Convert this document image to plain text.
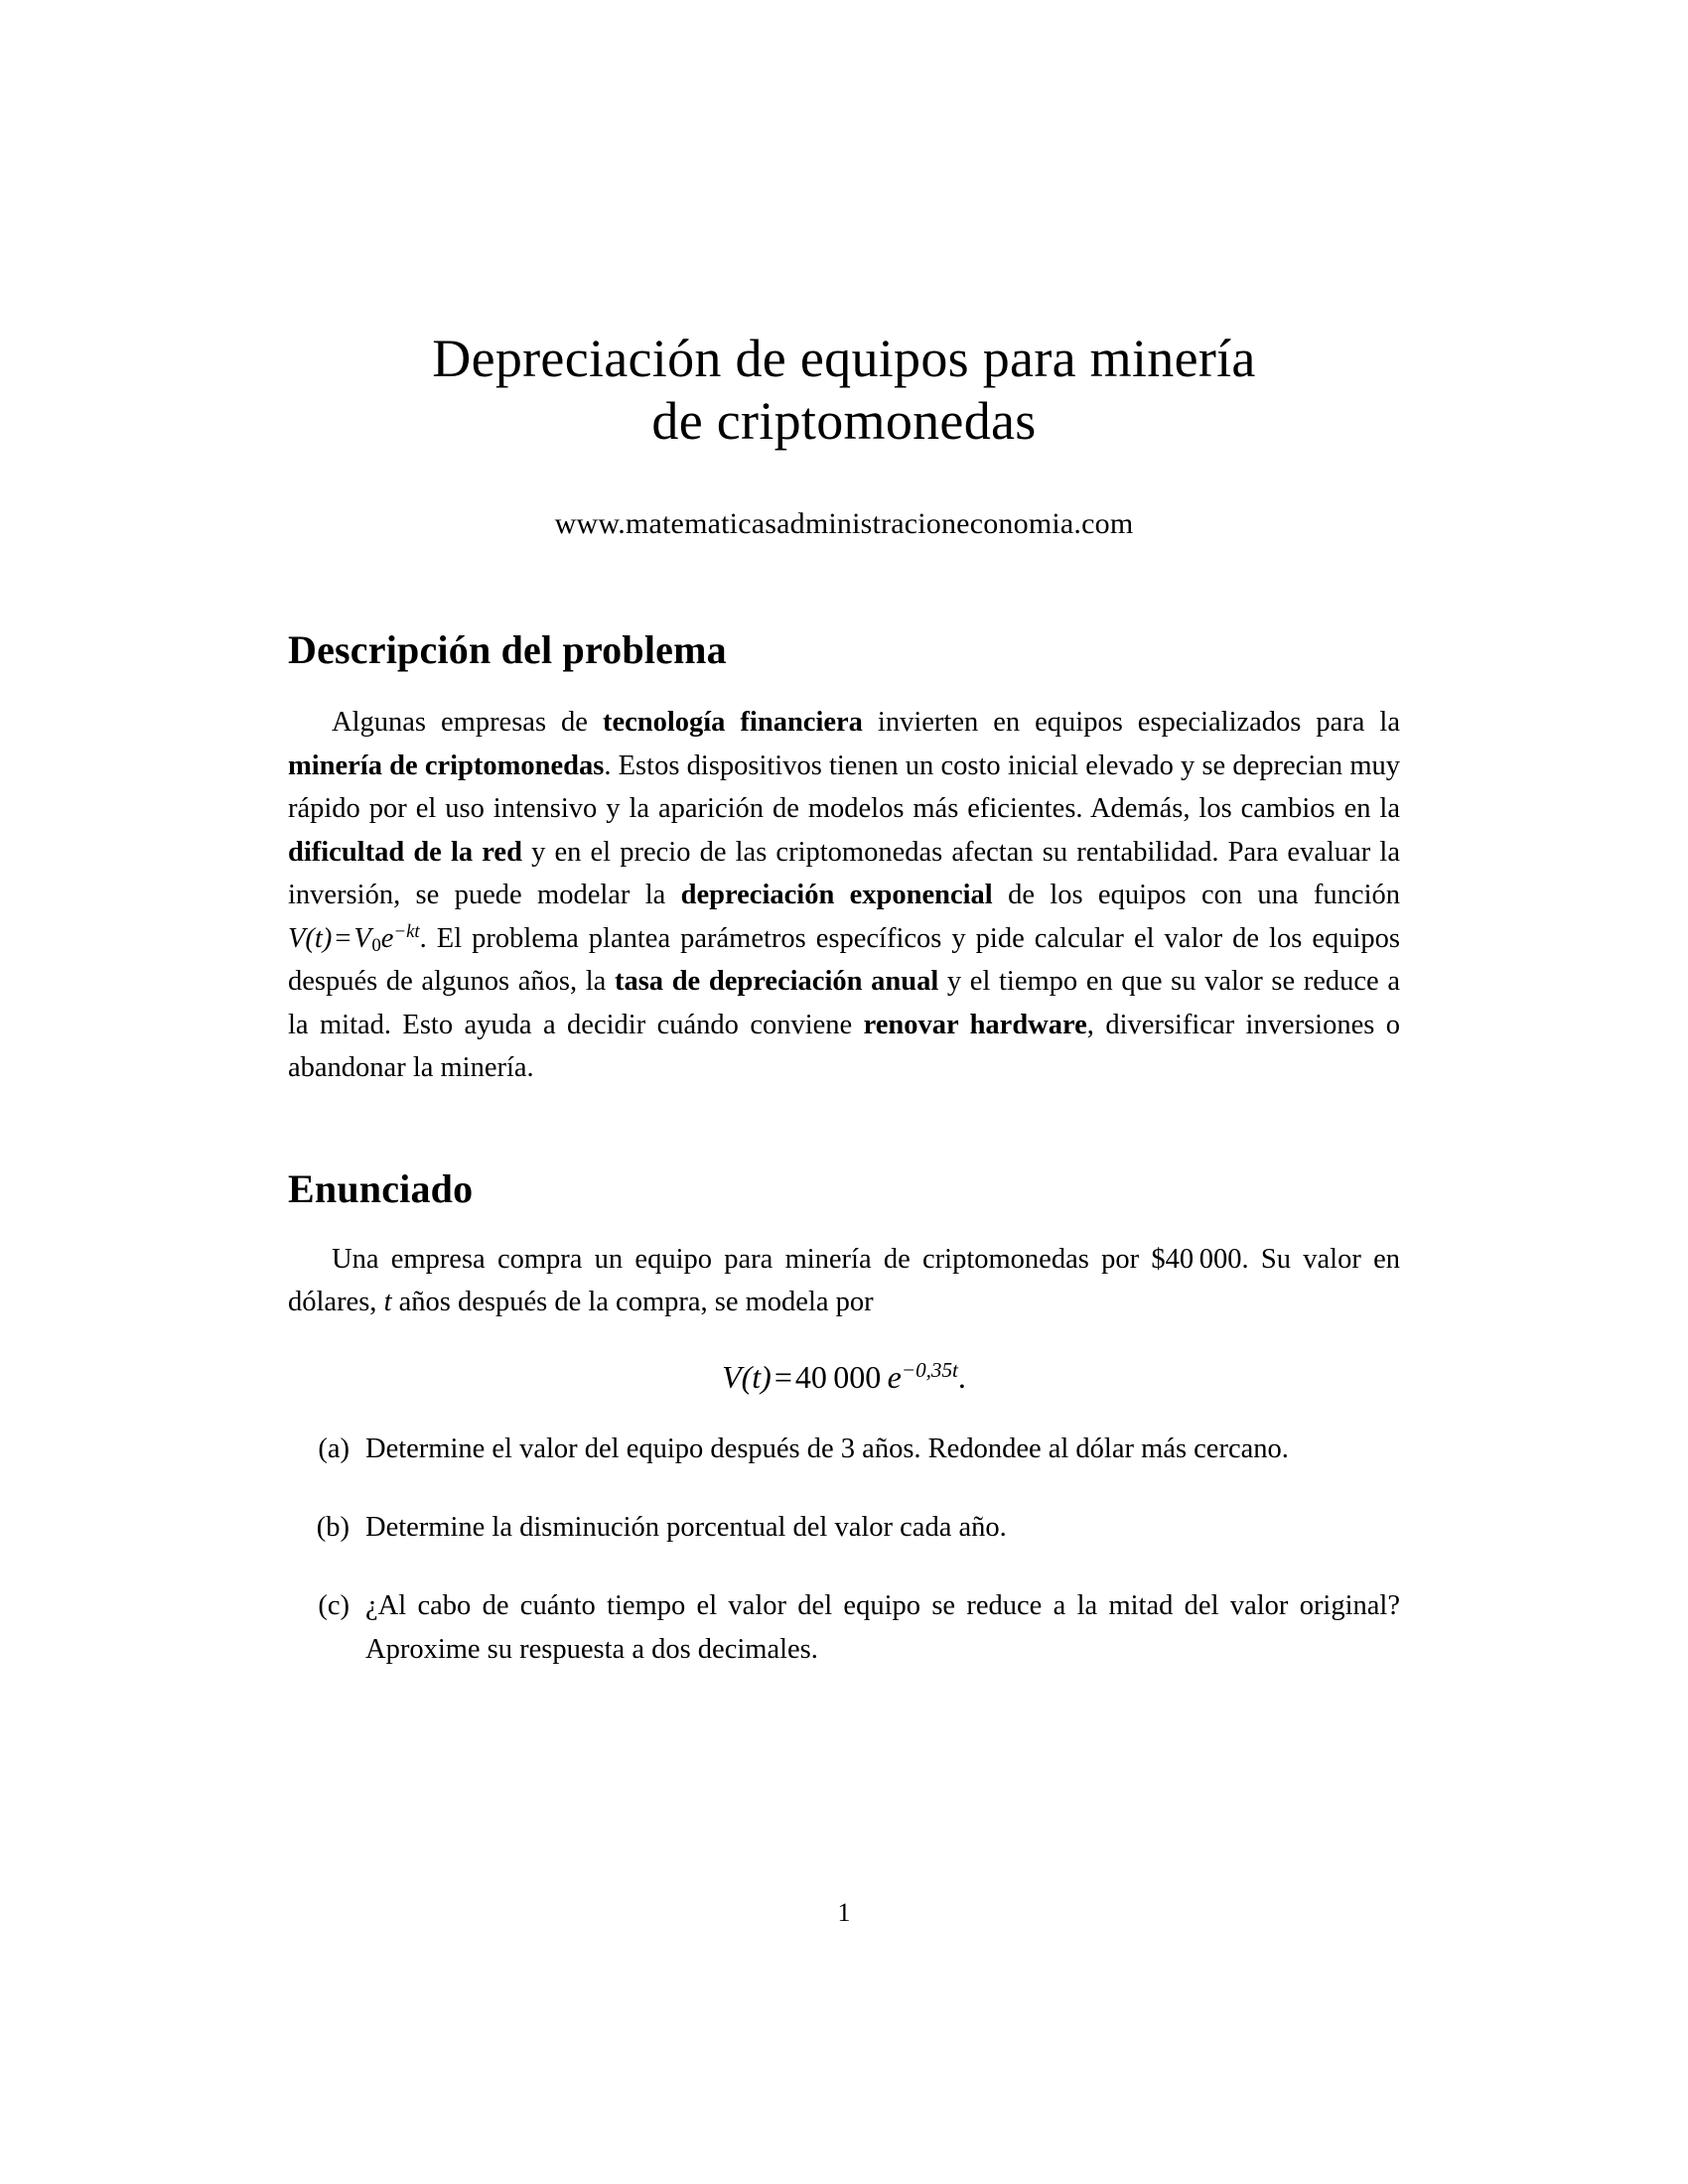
Depreciación de equipos para minería
de criptomonedas
www.matematicasadministracioneconomia.com
Descripción del problema

Algunas empresas de tecnología financiera invierten en equipos especializados para la minería de criptomonedas. Estos dispositivos tienen un costo inicial elevado y se deprecian muy rápido por el uso intensivo y la aparición de modelos más eficientes. Además, los cambios en la dificultad de la red y en el precio de las criptomonedas afectan su rentabilidad. Para evaluar la inversión, se puede modelar la depreciación exponencial de los equipos con una función $V(t) = V_0e^{-kt}$. El problema plantea parámetros específicos y pide calcular el valor de los equipos después de algunos años, la tasa de depreciación anual y el tiempo en que su valor se reduce a la mitad. Esto ayuda a decidir cuándo conviene renovar hardware, diversificar inversiones o abandonar la minería.

Enunciado

Una empresa compra un equipo para minería de criptomonedas por $40 000. Su valor en dólares, t años después de la compra, se modela por

V(t)=40 000 $e^{-0,35t}$.
(a) Determine el valor del equipo después de 3 años. Redondee al dólar más cercano.
(b) Determine la disminución porcentual del valor cada año.
(c) ¿Al cabo de cuánto tiempo el valor del equipo se reduce a la mitad del valor original? Aproxime su respuesta a dos decimales.
1
